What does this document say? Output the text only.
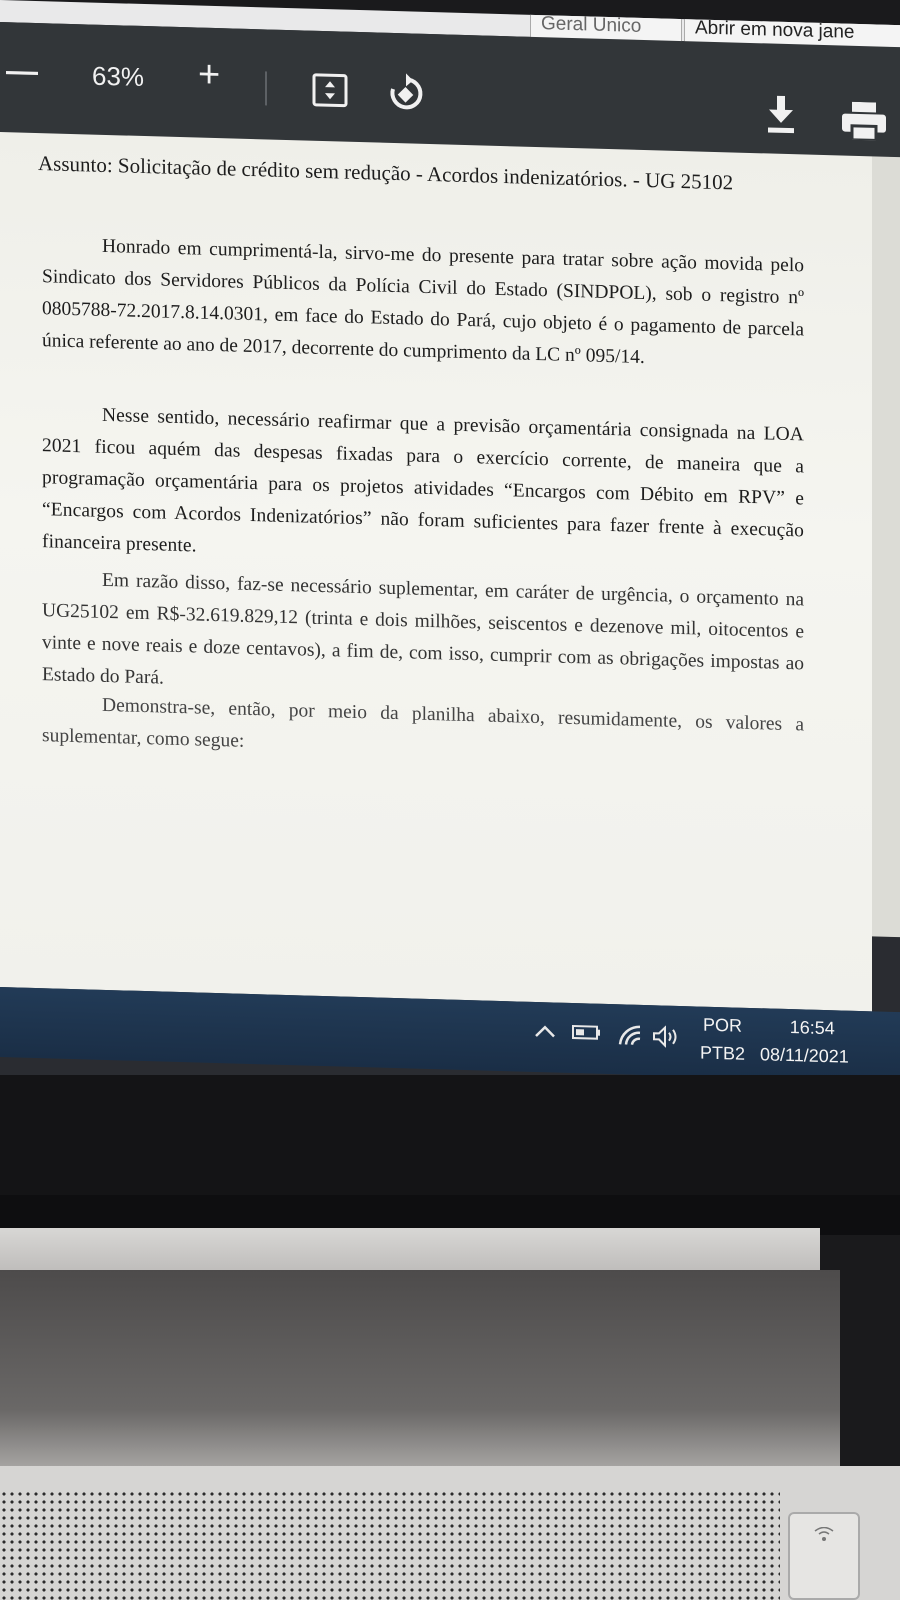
Geral Único	Abrir em nova jane
— 63% +
Assunto: Solicitação de crédito sem redução - Acordos indenizatórios. - UG 25102
Honrado em cumprimentá-la, sirvo-me do presente para tratar sobre ação movida pelo Sindicato dos Servidores Públicos da Polícia Civil do Estado (SINDPOL), sob o registro nº 0805788-72.2017.8.14.0301, em face do Estado do Pará, cujo objeto é o pagamento de parcela única referente ao ano de 2017, decorrente do cumprimento da LC nº 095/14.
Nesse sentido, necessário reafirmar que a previsão orçamentária consignada na LOA 2021 ficou aquém das despesas fixadas para o exercício corrente, de maneira que a programação orçamentária para os projetos atividades “Encargos com Débito em RPV” e “Encargos com Acordos Indenizatórios” não foram suficientes para fazer frente à execução financeira presente.
Em razão disso, faz-se necessário suplementar, em caráter de urgência, o orçamento na UG25102 em R$-32.619.829,12 (trinta e dois milhões, seiscentos e dezenove mil, oitocentos e vinte e nove reais e doze centavos), a fim de, com isso, cumprir com as obrigações impostas ao Estado do Pará.
Demonstra-se, então, por meio da planilha abaixo, resumidamente, os valores a suplementar, como segue:
POR
PTB2
16:54
08/11/2021
